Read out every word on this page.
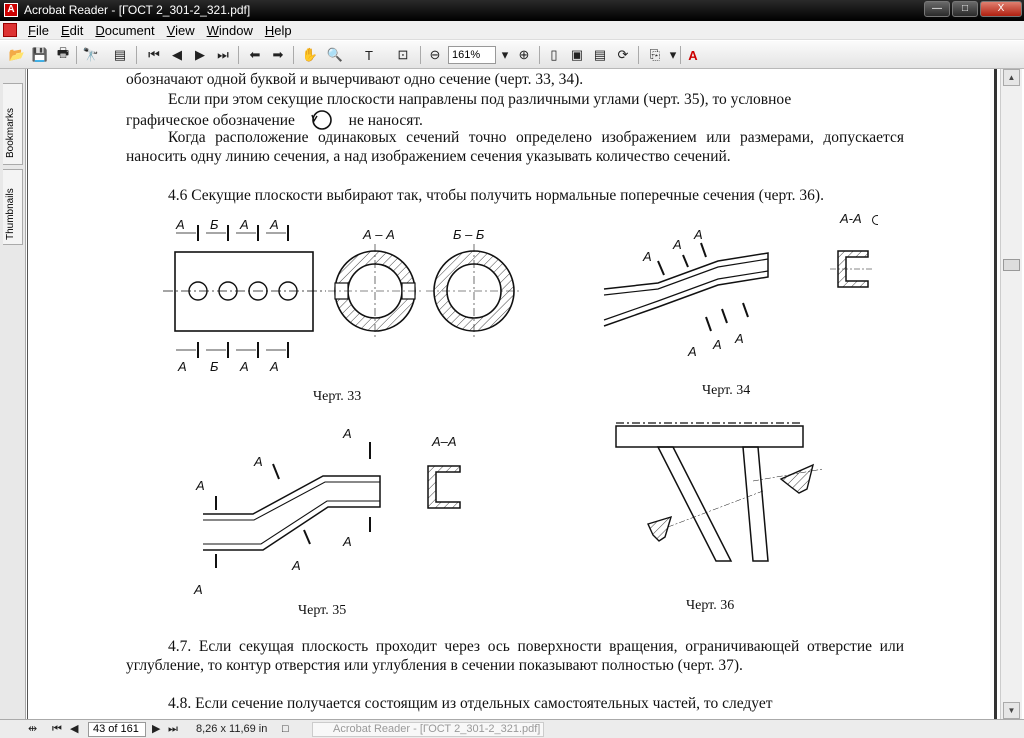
A Acrobat Reader - [ГОСТ 2_301-2_321.pdf]	—	□	X
File Edit Document View Window Help
📂 💾 🖶 🔭 ▤ ⏮ ◀	▶ ⏭ ⬅ ➡ ✋ 🔍	T	⊡ ⊖	161%	▾ ⊕	▯	▣ ▤ ⟳ ⎘ ▾ A
Bookmarks
Thumbnails
обозначают одной буквой и вычерчивают одно сечение (черт. 33, 34).
Если при этом секущие плоскости направлены под различными углами (черт. 35), то условное
графическое обозначение	не наносят.
Когда расположение одинаковых сечений точно определено изображением или размерами, допускается наносить одну линию сечения, а над изображением сечения указывать количество сечений.
4.6 Секущие плоскости выбирают так, чтобы получить нормальные поперечные сечения (черт. 36).
А Б А А
А Б А А
А – А	Б – Б
Черт. 33
А
А
А
А А А
А-А
Черт. 34
А
А
А
А
А
А
А–А
Черт. 35	Черт. 36
4.7. Если секущая плоскость проходит через ось поверхности вращения, ограничивающей отверстие или углубление, то контур отверстия или углубления в сечении показывают полностью (черт. 37).
4.8. Если сечение получается состоящим из отдельных самостоятельных частей, то следует
▲
▼
⇹ ⏮ ◀	43 of 161	▶ ⏭ 8,26 x 11,69 in □	Acrobat Reader - [ГОСТ 2_301-2_321.pdf]
